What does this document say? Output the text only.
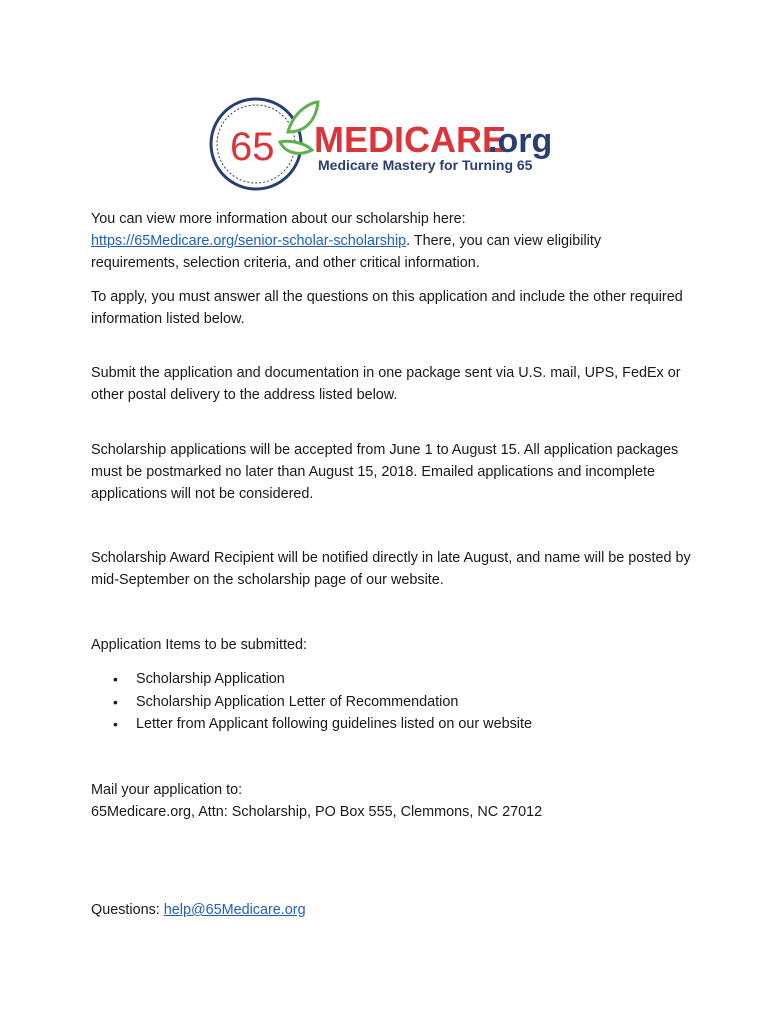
65 MEDICARE
.org
Medicare Mastery for Turning 65

You can view more information about our scholarship here:
https://65Medicare.org/senior-scholar-scholarship. There, you can view eligibility requirements, selection criteria, and other critical information.

To apply, you must answer all the questions on this application and include the other required information listed below.

Submit the application and documentation in one package sent via U.S. mail, UPS, FedEx or other postal delivery to the address listed below.

Scholarship applications will be accepted from June 1 to August 15. All application packages must be postmarked no later than August 15, 2018. Emailed applications and incomplete applications will not be considered.

Scholarship Award Recipient will be notified directly in late August, and name will be posted by mid-September on the scholarship page of our website.

Application Items to be submitted:

•	Scholarship Application
•	Scholarship Application Letter of Recommendation
•	Letter from Applicant following guidelines listed on our website

Mail your application to:
65Medicare.org, Attn: Scholarship, PO Box 555, Clemmons, NC 27012

Questions: help@65Medicare.org
